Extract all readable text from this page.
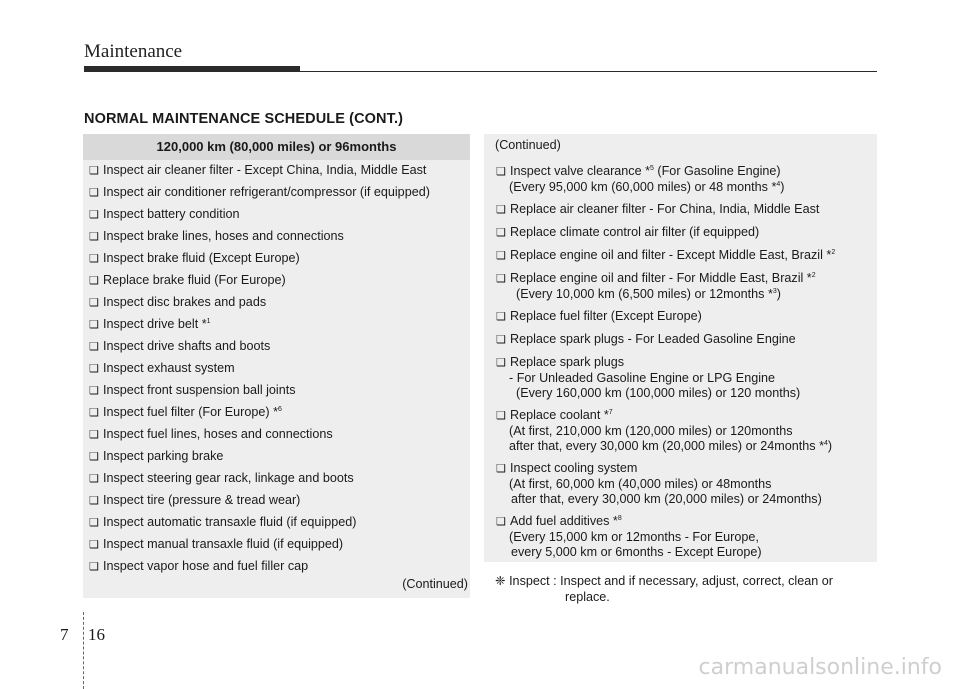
Maintenance
NORMAL MAINTENANCE SCHEDULE (CONT.)
120,000 km (80,000 miles) or 96months
❑ Inspect air cleaner filter - Except China, India, Middle East
❑ Inspect air conditioner refrigerant/compressor (if equipped)
❑ Inspect battery condition
❑ Inspect brake lines, hoses and connections
❑ Inspect brake fluid (Except Europe)
❑ Replace brake fluid (For Europe)
❑ Inspect disc brakes and pads
❑ Inspect drive belt *$^1$
❑ Inspect drive shafts and boots
❑ Inspect exhaust system
❑ Inspect front suspension ball joints
❑ Inspect fuel filter (For Europe) *$^6$
❑ Inspect fuel lines, hoses and connections
❑ Inspect parking brake
❑ Inspect steering gear rack, linkage and boots
❑ Inspect tire (pressure & tread wear)
❑ Inspect automatic transaxle fluid (if equipped)
❑ Inspect manual transaxle fluid (if equipped)
❑ Inspect vapor hose and fuel filler cap
(Continued)
(Continued)
❑ Inspect valve clearance *$^5$ (For Gasoline Engine)
(Every 95,000 km (60,000 miles) or 48 months *$^4$)
❑ Replace air cleaner filter - For China, India, Middle East
❑ Replace climate control air filter (if equipped)
❑ Replace engine oil and filter - Except Middle East, Brazil *$^2$
❑ Replace engine oil and filter - For Middle East, Brazil *$^2$
(Every 10,000 km (6,500 miles) or 12months *$^3$)
❑ Replace fuel filter (Except Europe)
❑ Replace spark plugs - For Leaded Gasoline Engine
❑ Replace spark plugs
- For Unleaded Gasoline Engine or LPG Engine
(Every 160,000 km (100,000 miles) or 120 months)
❑ Replace coolant *$^7$
(At first, 210,000 km (120,000 miles) or 120months
after that, every 30,000 km (20,000 miles) or 24months *$^4$)
❑ Inspect cooling system
(At first, 60,000 km (40,000 miles) or 48months
after that, every 30,000 km (20,000 miles) or 24months)
❑ Add fuel additives *$^8$
(Every 15,000 km or 12months - For Europe,
every 5,000 km or 6months - Except Europe)
❈ Inspect : Inspect and if necessary, adjust, correct, clean or
replace.
7 16
carmanualsonline.info
